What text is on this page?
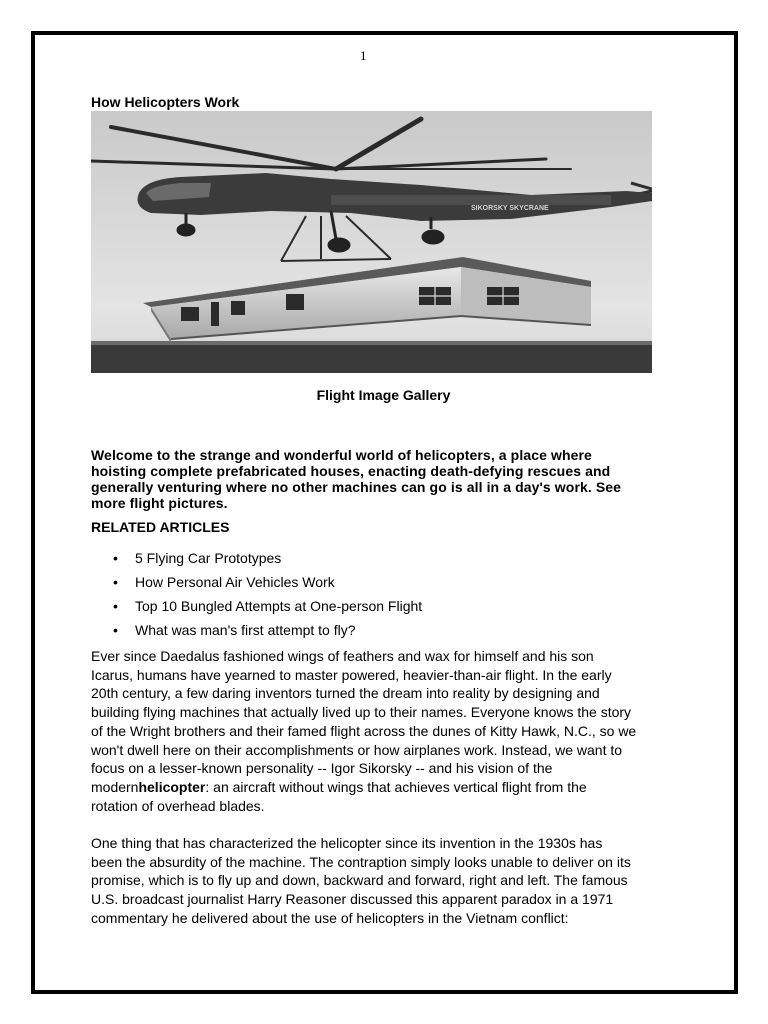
1
How Helicopters Work
SIKORSKY SKYCRANE
Flight Image Gallery

Welcome to the strange and wonderful world of helicopters, a place where
hoisting complete prefabricated houses, enacting death-defying rescues and
generally venturing where no other machines can go is all in a day's work. See
more flight pictures.

RELATED ARTICLES
• 5 Flying Car Prototypes
• How Personal Air Vehicles Work
• Top 10 Bungled Attempts at One-person Flight
• What was man's first attempt to fly?

Ever since Daedalus fashioned wings of feathers and wax for himself and his son
Icarus, humans have yearned to master powered, heavier-than-air flight. In the early
20th century, a few daring inventors turned the dream into reality by designing and
building flying machines that actually lived up to their names. Everyone knows the story
of the Wright brothers and their famed flight across the dunes of Kitty Hawk, N.C., so we
won't dwell here on their accomplishments or how airplanes work. Instead, we want to
focus on a lesser-known personality -- Igor Sikorsky -- and his vision of the
modernhelicopter: an aircraft without wings that achieves vertical flight from the
rotation of overhead blades.

One thing that has characterized the helicopter since its invention in the 1930s has
been the absurdity of the machine. The contraption simply looks unable to deliver on its
promise, which is to fly up and down, backward and forward, right and left. The famous
U.S. broadcast journalist Harry Reasoner discussed this apparent paradox in a 1971
commentary he delivered about the use of helicopters in the Vietnam conflict:
